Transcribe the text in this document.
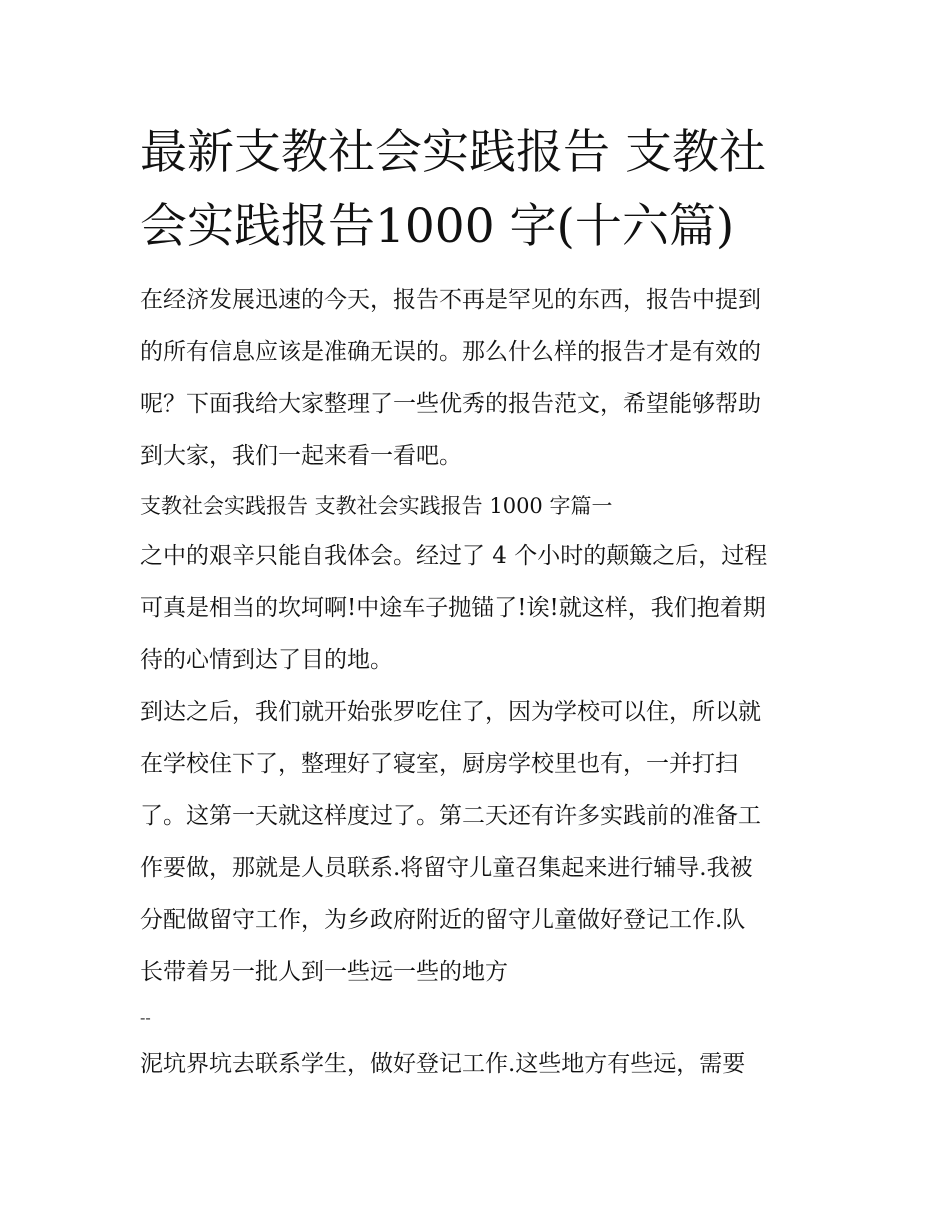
最新支教社会实践报告 支教社
会实践报告1000 字(十六篇)
在经济发展迅速的今天，报告不再是罕见的东西，报告中提到
的所有信息应该是准确无误的。那么什么样的报告才是有效的
呢？下面我给大家整理了一些优秀的报告范文，希望能够帮助
到大家，我们一起来看一看吧。
支教社会实践报告 支教社会实践报告 1000 字篇一
之中的艰辛只能自我体会。经过了 4 个小时的颠簸之后，过程
可真是相当的坎坷啊!中途车子抛锚了!诶!就这样，我们抱着期
待的心情到达了目的地。
到达之后，我们就开始张罗吃住了，因为学校可以住，所以就
在学校住下了，整理好了寝室，厨房学校里也有，一并打扫
了。这第一天就这样度过了。第二天还有许多实践前的准备工
作要做，那就是人员联系.将留守儿童召集起来进行辅导.我被
分配做留守工作，为乡政府附近的留守儿童做好登记工作.队
长带着另一批人到一些远一些的地方
--
泥坑界坑去联系学生，做好登记工作.这些地方有些远，需要
